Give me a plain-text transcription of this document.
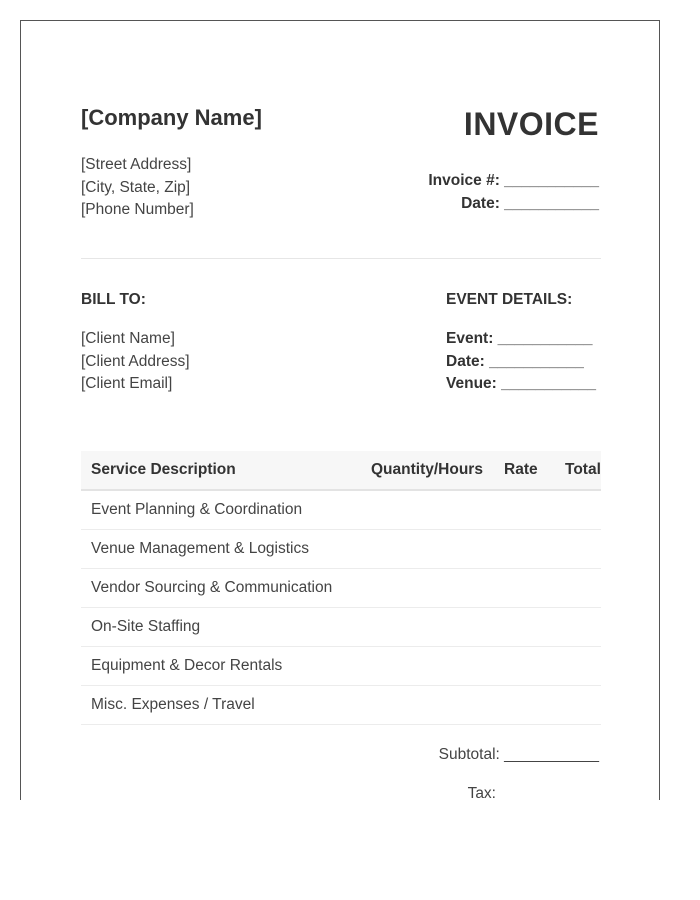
[Company Name]
[Street Address]
[City, State, Zip]
[Phone Number]
INVOICE
Invoice #: ___________
Date: ___________
BILL TO:
[Client Name]
[Client Address]
[Client Email]
EVENT DETAILS:
Event: ___________
Date: ___________
Venue: ___________
Service Description	Quantity/Hours	Rate	Total
Event Planning & Coordination			
Venue Management & Logistics			
Vendor Sourcing & Communication			
On-Site Staffing			
Equipment & Decor Rentals			
Misc. Expenses / Travel			
Subtotal: ___________
Tax:
